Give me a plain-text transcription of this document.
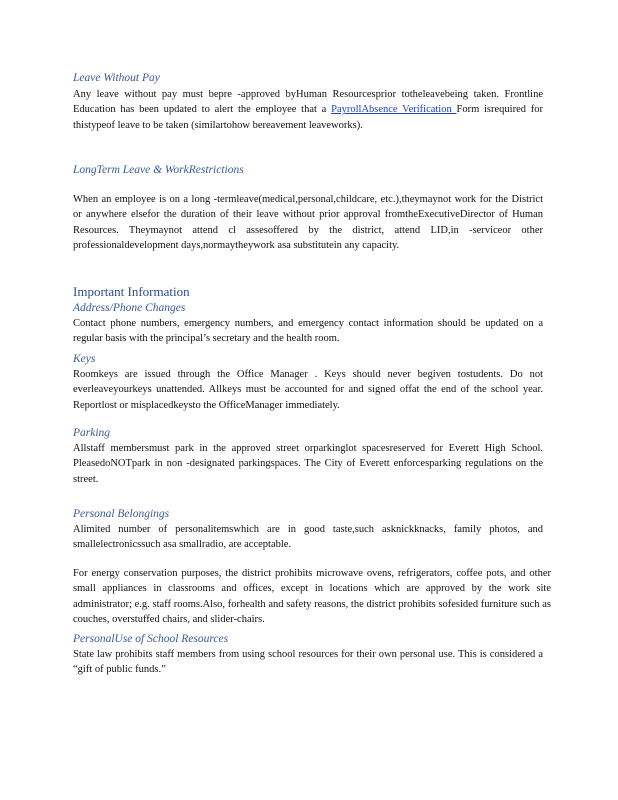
Leave Without Pay
Any leave without pay must bepre -approved byHuman Resourcesprior totheleavebeing taken. Frontline Education has been updated to alert the employee that a PayrollAbsence Verification Form isrequired for thistypeof leave to be taken (similartohow bereavement leaveworks).
LongTerm Leave & WorkRestrictions
When an employee is on a long -termleave(medical,personal,childcare, etc.),theymaynot work for the District or anywhere elsefor the duration of their leave without prior approval fromtheExecutiveDirector of Human Resources. Theymaynot attend cl assesoffered by the district, attend LID,in -serviceor other professionaldevelopment days,normaytheywork asa substitutein any capacity.
Important Information
Address/Phone Changes
Contact phone numbers, emergency numbers, and emergency contact information should be updated on a regular basis with the principal’s secretary and the health room.
Keys
Roomkeys are issued through the Office Manager . Keys should never begiven tostudents. Do not everleaveyourkeys unattended. Allkeys must be accounted for and signed offat the end of the school year. Reportlost or misplacedkeysto the OfficeManager immediately.
Parking
Allstaff membersmust park in the approved street orparkinglot spacesreserved for Everett High School. PleasedoNOTpark in non -designated parkingspaces. The City of Everett enforcesparking regulations on the street.
Personal Belongings
Alimited number of personalitemswhich are in good taste,such asknickknacks, family photos, and smallelectronicssuch asa smallradio, are acceptable.
For energy conservation purposes, the district prohibits microwave ovens, refrigerators, coffee pots, and other small appliances in classrooms and offices, except in locations which are approved by the work site administrator; e.g. staff rooms.Also, forhealth and safety reasons, the district prohibits sofesided furniture such as couches, overstuffed chairs, and slider-chairs.
PersonalUse of School Resources
State law prohibits staff members from using school resources for their own personal use. This is considered a “gift of public funds.”
